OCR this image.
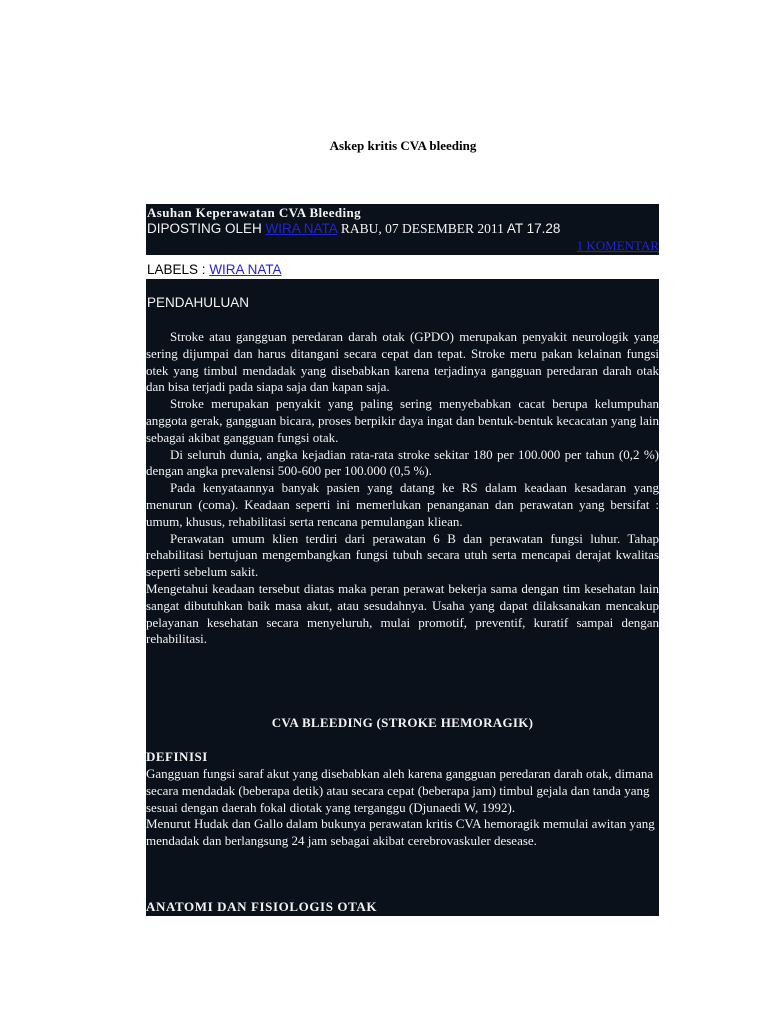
Askep kritis CVA bleeding
Asuhan Keperawatan CVA Bleeding
DIPOSTING OLEH WIRA NATA RABU, 07 DESEMBER 2011 AT 17.28
1 KOMENTAR
LABELS : WIRA NATA
PENDAHULUAN

Stroke atau gangguan peredaran darah otak (GPDO) merupakan penyakit neurologik yang sering dijumpai dan harus ditangani secara cepat dan tepat. Stroke meru pakan kelainan fungsi otek yang timbul mendadak yang disebabkan karena terjadinya gangguan peredaran darah otak dan bisa terjadi pada siapa saja dan kapan saja.

Stroke merupakan penyakit yang paling sering menyebabkan cacat berupa kelumpuhan anggota gerak, gangguan bicara, proses berpikir daya ingat dan bentuk-bentuk kecacatan yang lain sebagai akibat gangguan fungsi otak.

Di seluruh dunia, angka kejadian rata-rata stroke sekitar 180 per 100.000 per tahun (0,2 %) dengan angka prevalensi 500-600 per 100.000 (0,5 %).

Pada kenyataannya banyak pasien yang datang ke RS dalam keadaan kesadaran yang menurun (coma). Keadaan seperti ini memerlukan penanganan dan perawatan yang bersifat : umum, khusus, rehabilitasi serta rencana pemulangan kliean.

Perawatan umum klien terdiri dari perawatan 6 B dan perawatan fungsi luhur. Tahap rehabilitasi bertujuan mengembangkan fungsi tubuh secara utuh serta mencapai derajat kwalitas seperti sebelum sakit.

Mengetahui keadaan tersebut diatas maka peran perawat bekerja sama dengan tim kesehatan lain sangat dibutuhkan baik masa akut, atau sesudahnya. Usaha yang dapat dilaksanakan mencakup pelayanan kesehatan secara menyeluruh, mulai promotif, preventif, kuratif sampai dengan rehabilitasi.

CVA BLEEDING (STROKE HEMORAGIK)
DEFINISI

Gangguan fungsi saraf akut yang disebabkan aleh karena gangguan peredaran darah otak, dimana secara mendadak (beberapa detik) atau secara cepat (beberapa jam) timbul gejala dan tanda yang sesuai dengan daerah fokal diotak yang terganggu (Djunaedi W, 1992).

Menurut Hudak dan Gallo dalam bukunya perawatan kritis CVA hemoragik memulai awitan yang mendadak dan berlangsung 24 jam sebagai akibat cerebrovaskuler desease.

ANATOMI DAN FISIOLOGIS OTAK
